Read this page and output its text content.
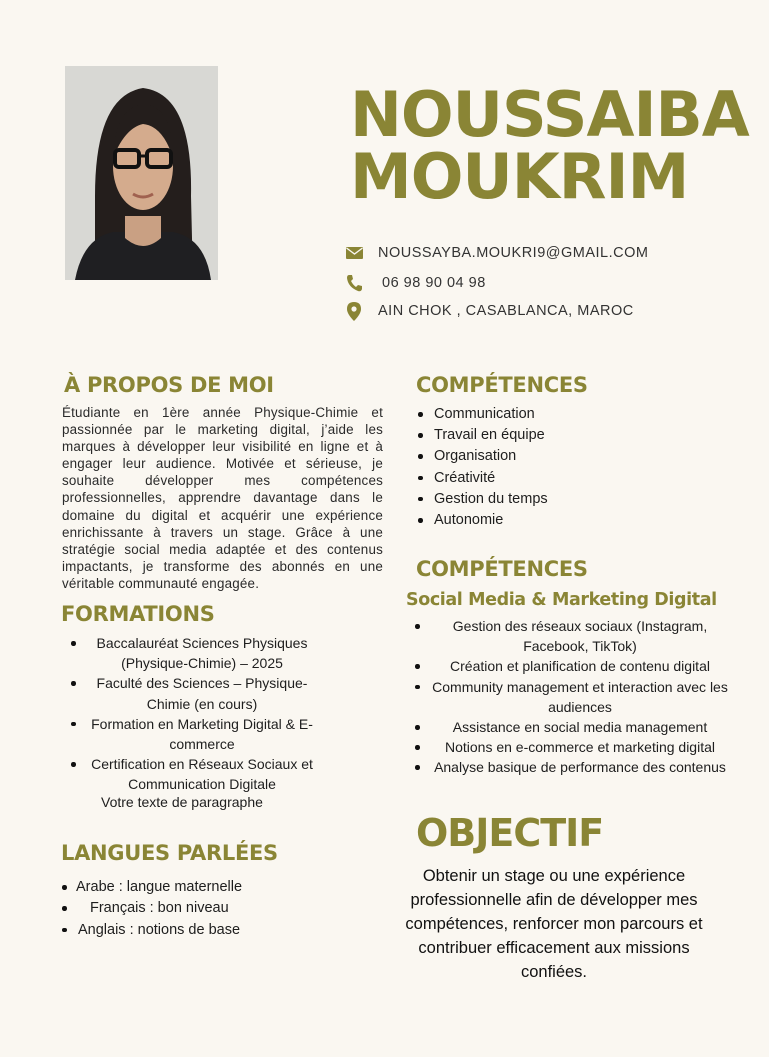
NOUSSAIBA
MOUKRIM
NOUSSAYBA.MOUKRI9@GMAIL.COM
06 98 90 04 98
AIN CHOK , CASABLANCA, MAROC
À PROPOS DE MOI
Étudiante en 1ère année Physique-Chimie et passionnée par le marketing digital, j’aide les marques à développer leur visibilité en ligne et à engager leur audience. Motivée et sérieuse, je souhaite développer mes compétences professionnelles, apprendre davantage dans le domaine du digital et acquérir une expérience enrichissante à travers un stage. Grâce à une stratégie social media adaptée et des contenus impactants, je transforme des abonnés en une véritable communauté engagée.
COMPÉTENCES
Communication
Travail en équipe
Organisation
Créativité
Gestion du temps
Autonomie
COMPÉTENCES
Social Media & Marketing Digital
Gestion des réseaux sociaux (Instagram, Facebook, TikTok)
Création et planification de contenu digital
Community management et interaction avec les audiences
Assistance en social media management
Notions en e-commerce et marketing digital
Analyse basique de performance des contenus
FORMATIONS
Baccalauréat Sciences Physiques (Physique-Chimie) – 2025
Faculté des Sciences – Physique-Chimie (en cours)
Formation en Marketing Digital & E-commerce
Certification en Réseaux Sociaux et Communication Digitale
Votre texte de paragraphe
LANGUES PARLÉES
Arabe : langue maternelle
Français : bon niveau
Anglais : notions de base
OBJECTIF
Obtenir un stage ou une expérience professionnelle afin de développer mes compétences, renforcer mon parcours et contribuer efficacement aux missions confiées.
